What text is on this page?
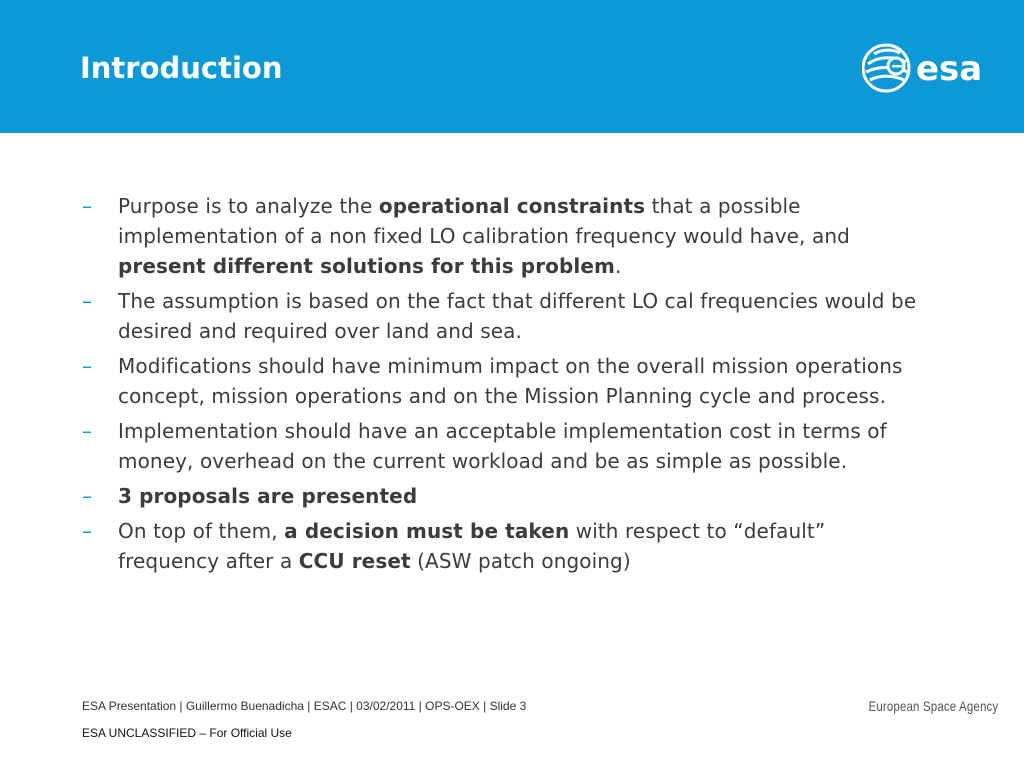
Introduction	esa
– Purpose is to analyze the operational constraints that a possible implementation of a non fixed LO calibration frequency would have, and present different solutions for this problem.
– The assumption is based on the fact that different LO cal frequencies would be desired and required over land and sea.
– Modifications should have minimum impact on the overall mission operations concept, mission operations and on the Mission Planning cycle and process.
– Implementation should have an acceptable implementation cost in terms of money, overhead on the current workload and be as simple as possible.
– 3 proposals are presented
– On top of them, a decision must be taken with respect to “default” frequency after a CCU reset (ASW patch ongoing)
ESA Presentation | Guillermo Buenadicha | ESAC | 03/02/2011 | OPS-OEX | Slide 3
ESA UNCLASSIFIED – For Official Use
European Space Agency
